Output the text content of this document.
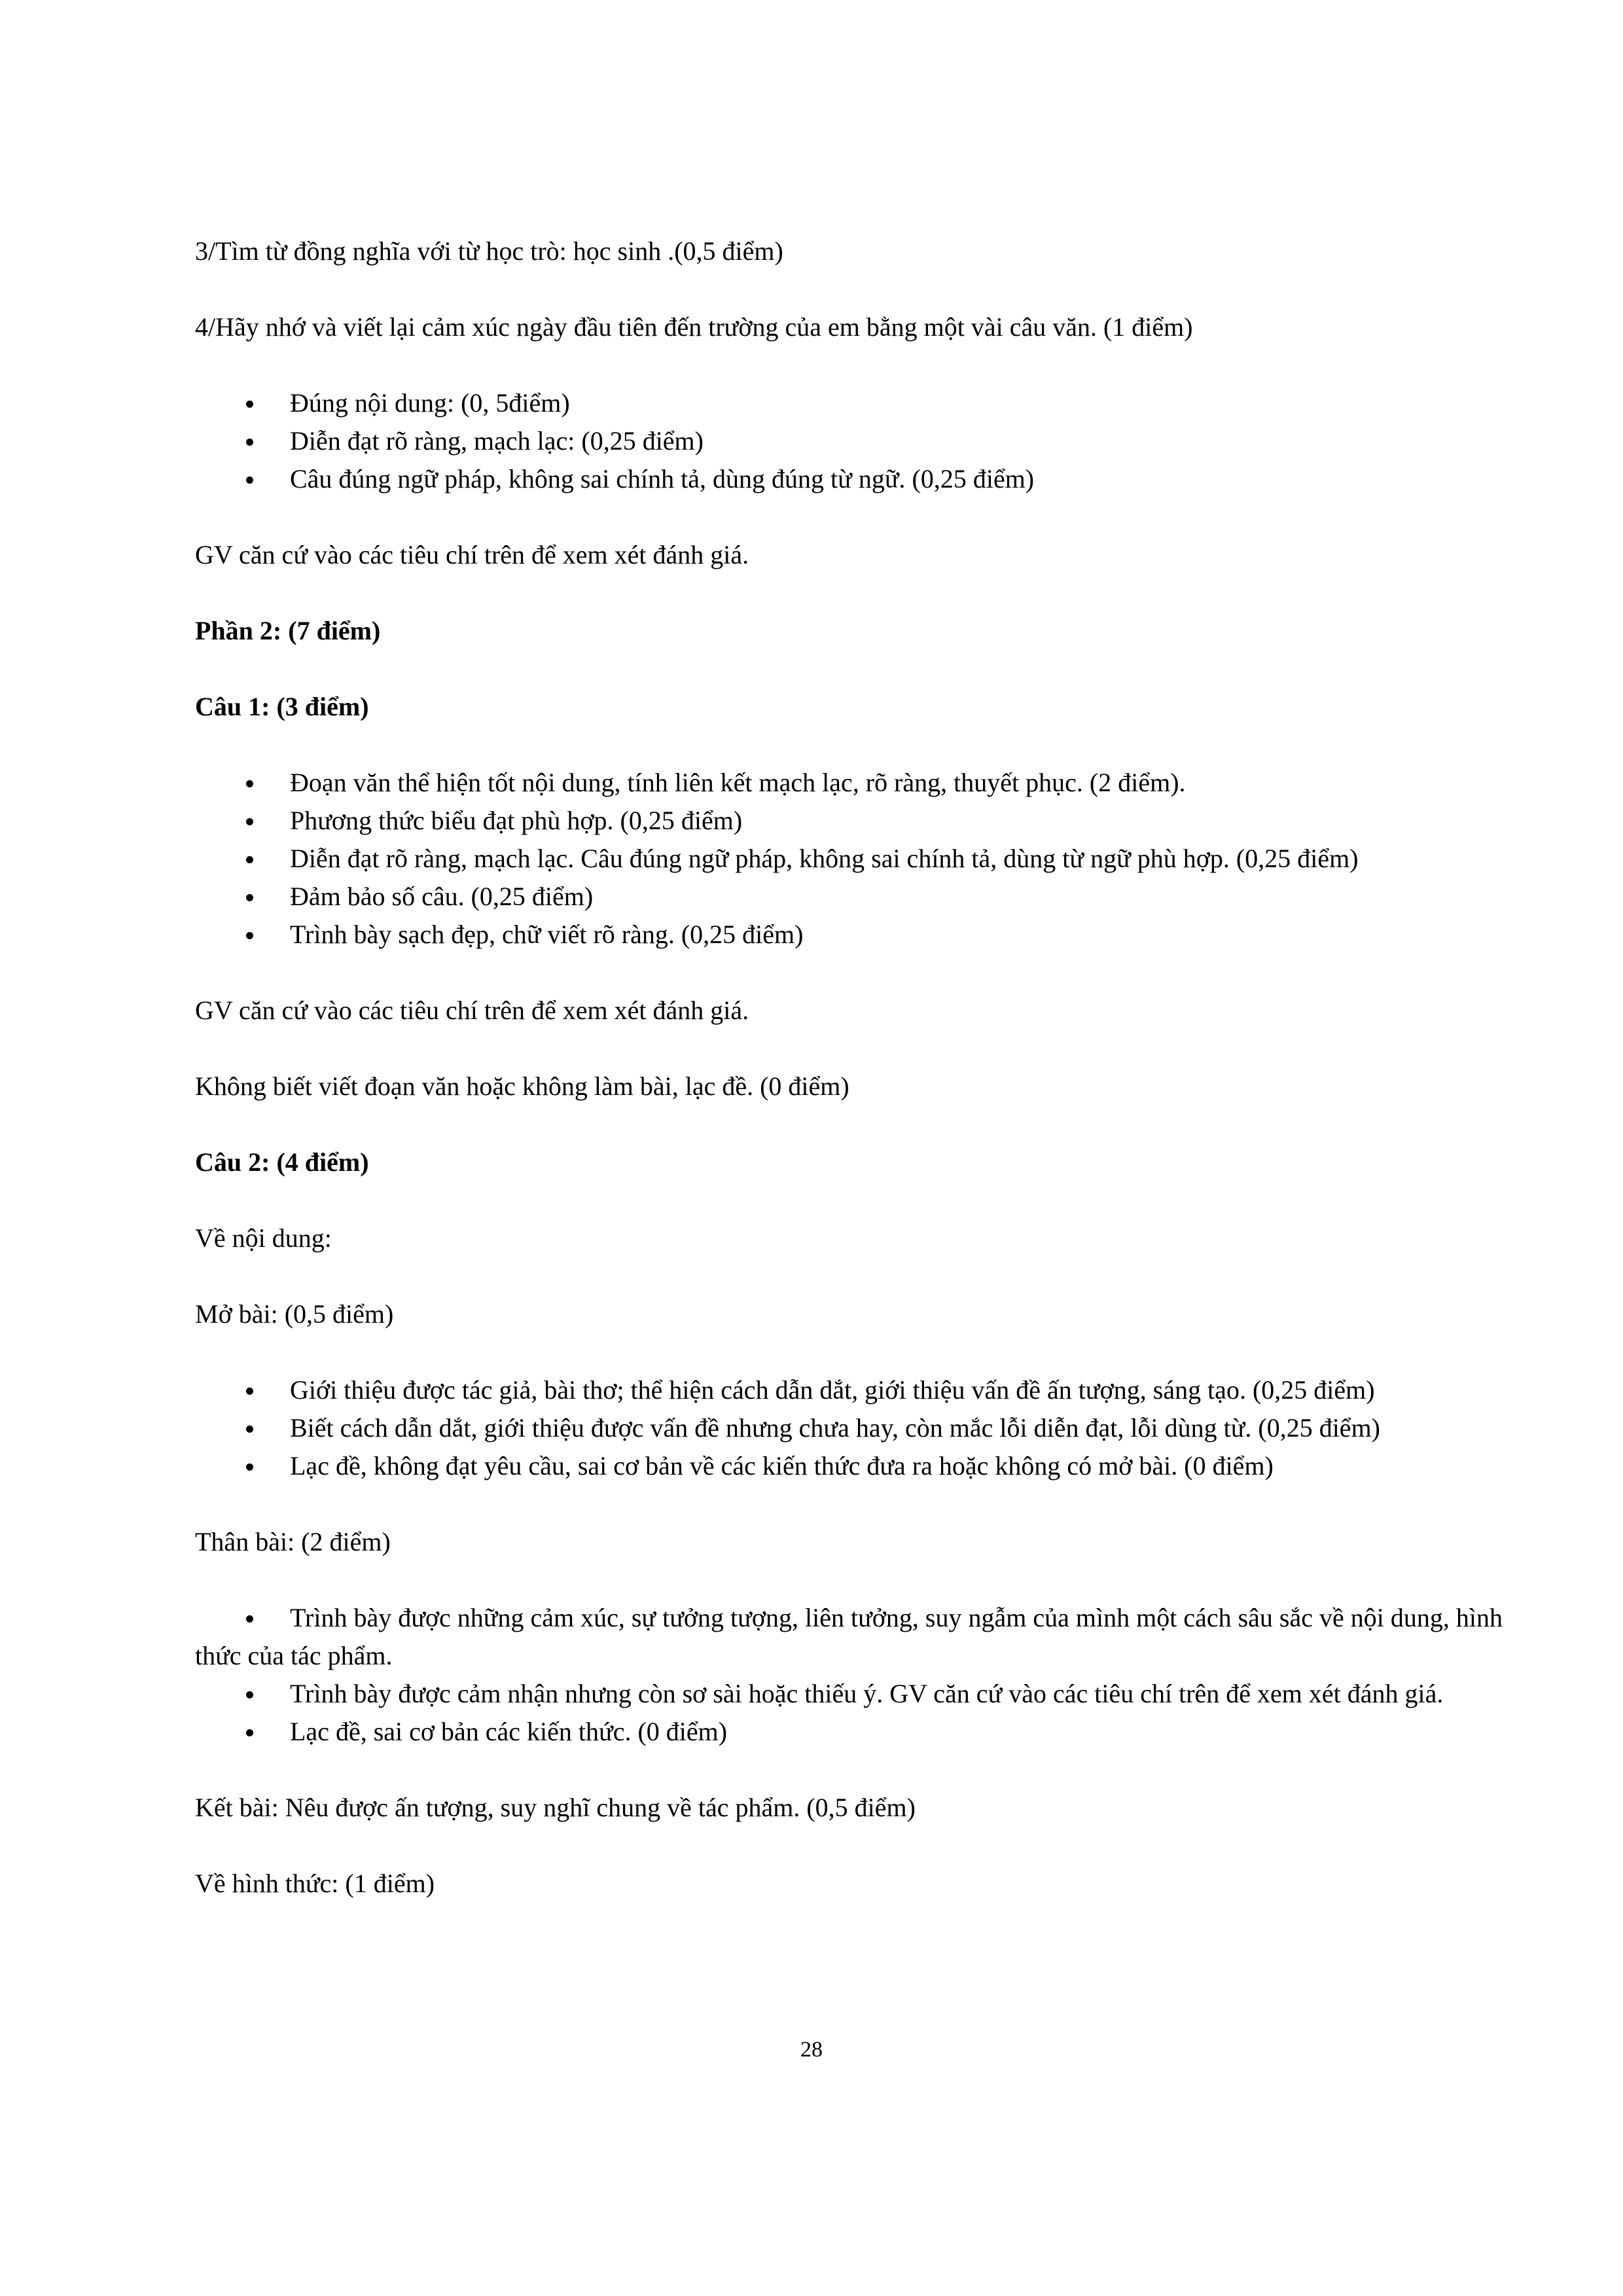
3/Tìm từ đồng nghĩa với từ học trò: học sinh .(0,5 điểm)

4/Hãy nhớ và viết lại cảm xúc ngày đầu tiên đến trường của em bằng một vài câu văn. (1 điểm)

Đúng nội dung: (0, 5điểm)
Diễn đạt rõ ràng, mạch lạc: (0,25 điểm)
Câu đúng ngữ pháp, không sai chính tả, dùng đúng từ ngữ. (0,25 điểm)

GV căn cứ vào các tiêu chí trên để xem xét đánh giá.

Phần 2: (7 điểm)

Câu 1: (3 điểm)

Đoạn văn thể hiện tốt nội dung, tính liên kết mạch lạc, rõ ràng, thuyết phục. (2 điểm).
Phương thức biểu đạt phù hợp. (0,25 điểm)
Diễn đạt rõ ràng, mạch lạc. Câu đúng ngữ pháp, không sai chính tả, dùng từ ngữ phù hợp. (0,25 điểm)
Đảm bảo số câu. (0,25 điểm)
Trình bày sạch đẹp, chữ viết rõ ràng. (0,25 điểm)

GV căn cứ vào các tiêu chí trên để xem xét đánh giá.

Không biết viết đoạn văn hoặc không làm bài, lạc đề. (0 điểm)

Câu 2: (4 điểm)

Về nội dung:

Mở bài: (0,5 điểm)

Giới thiệu được tác giả, bài thơ; thể hiện cách dẫn dắt, giới thiệu vấn đề ấn tượng, sáng tạo. (0,25 điểm)
Biết cách dẫn dắt, giới thiệu được vấn đề nhưng chưa hay, còn mắc lỗi diễn đạt, lỗi dùng từ. (0,25 điểm)
Lạc đề, không đạt yêu cầu, sai cơ bản về các kiến thức đưa ra hoặc không có mở bài. (0 điểm)

Thân bài: (2 điểm)

Trình bày được những cảm xúc, sự tưởng tượng, liên tưởng, suy ngẫm của mình một cách sâu sắc về nội dung, hình thức của tác phẩm.
Trình bày được cảm nhận nhưng còn sơ sài hoặc thiếu ý. GV căn cứ vào các tiêu chí trên để xem xét đánh giá.
Lạc đề, sai cơ bản các kiến thức. (0 điểm)

Kết bài: Nêu được ấn tượng, suy nghĩ chung về tác phẩm. (0,5 điểm)

Về hình thức: (1 điểm)

28
